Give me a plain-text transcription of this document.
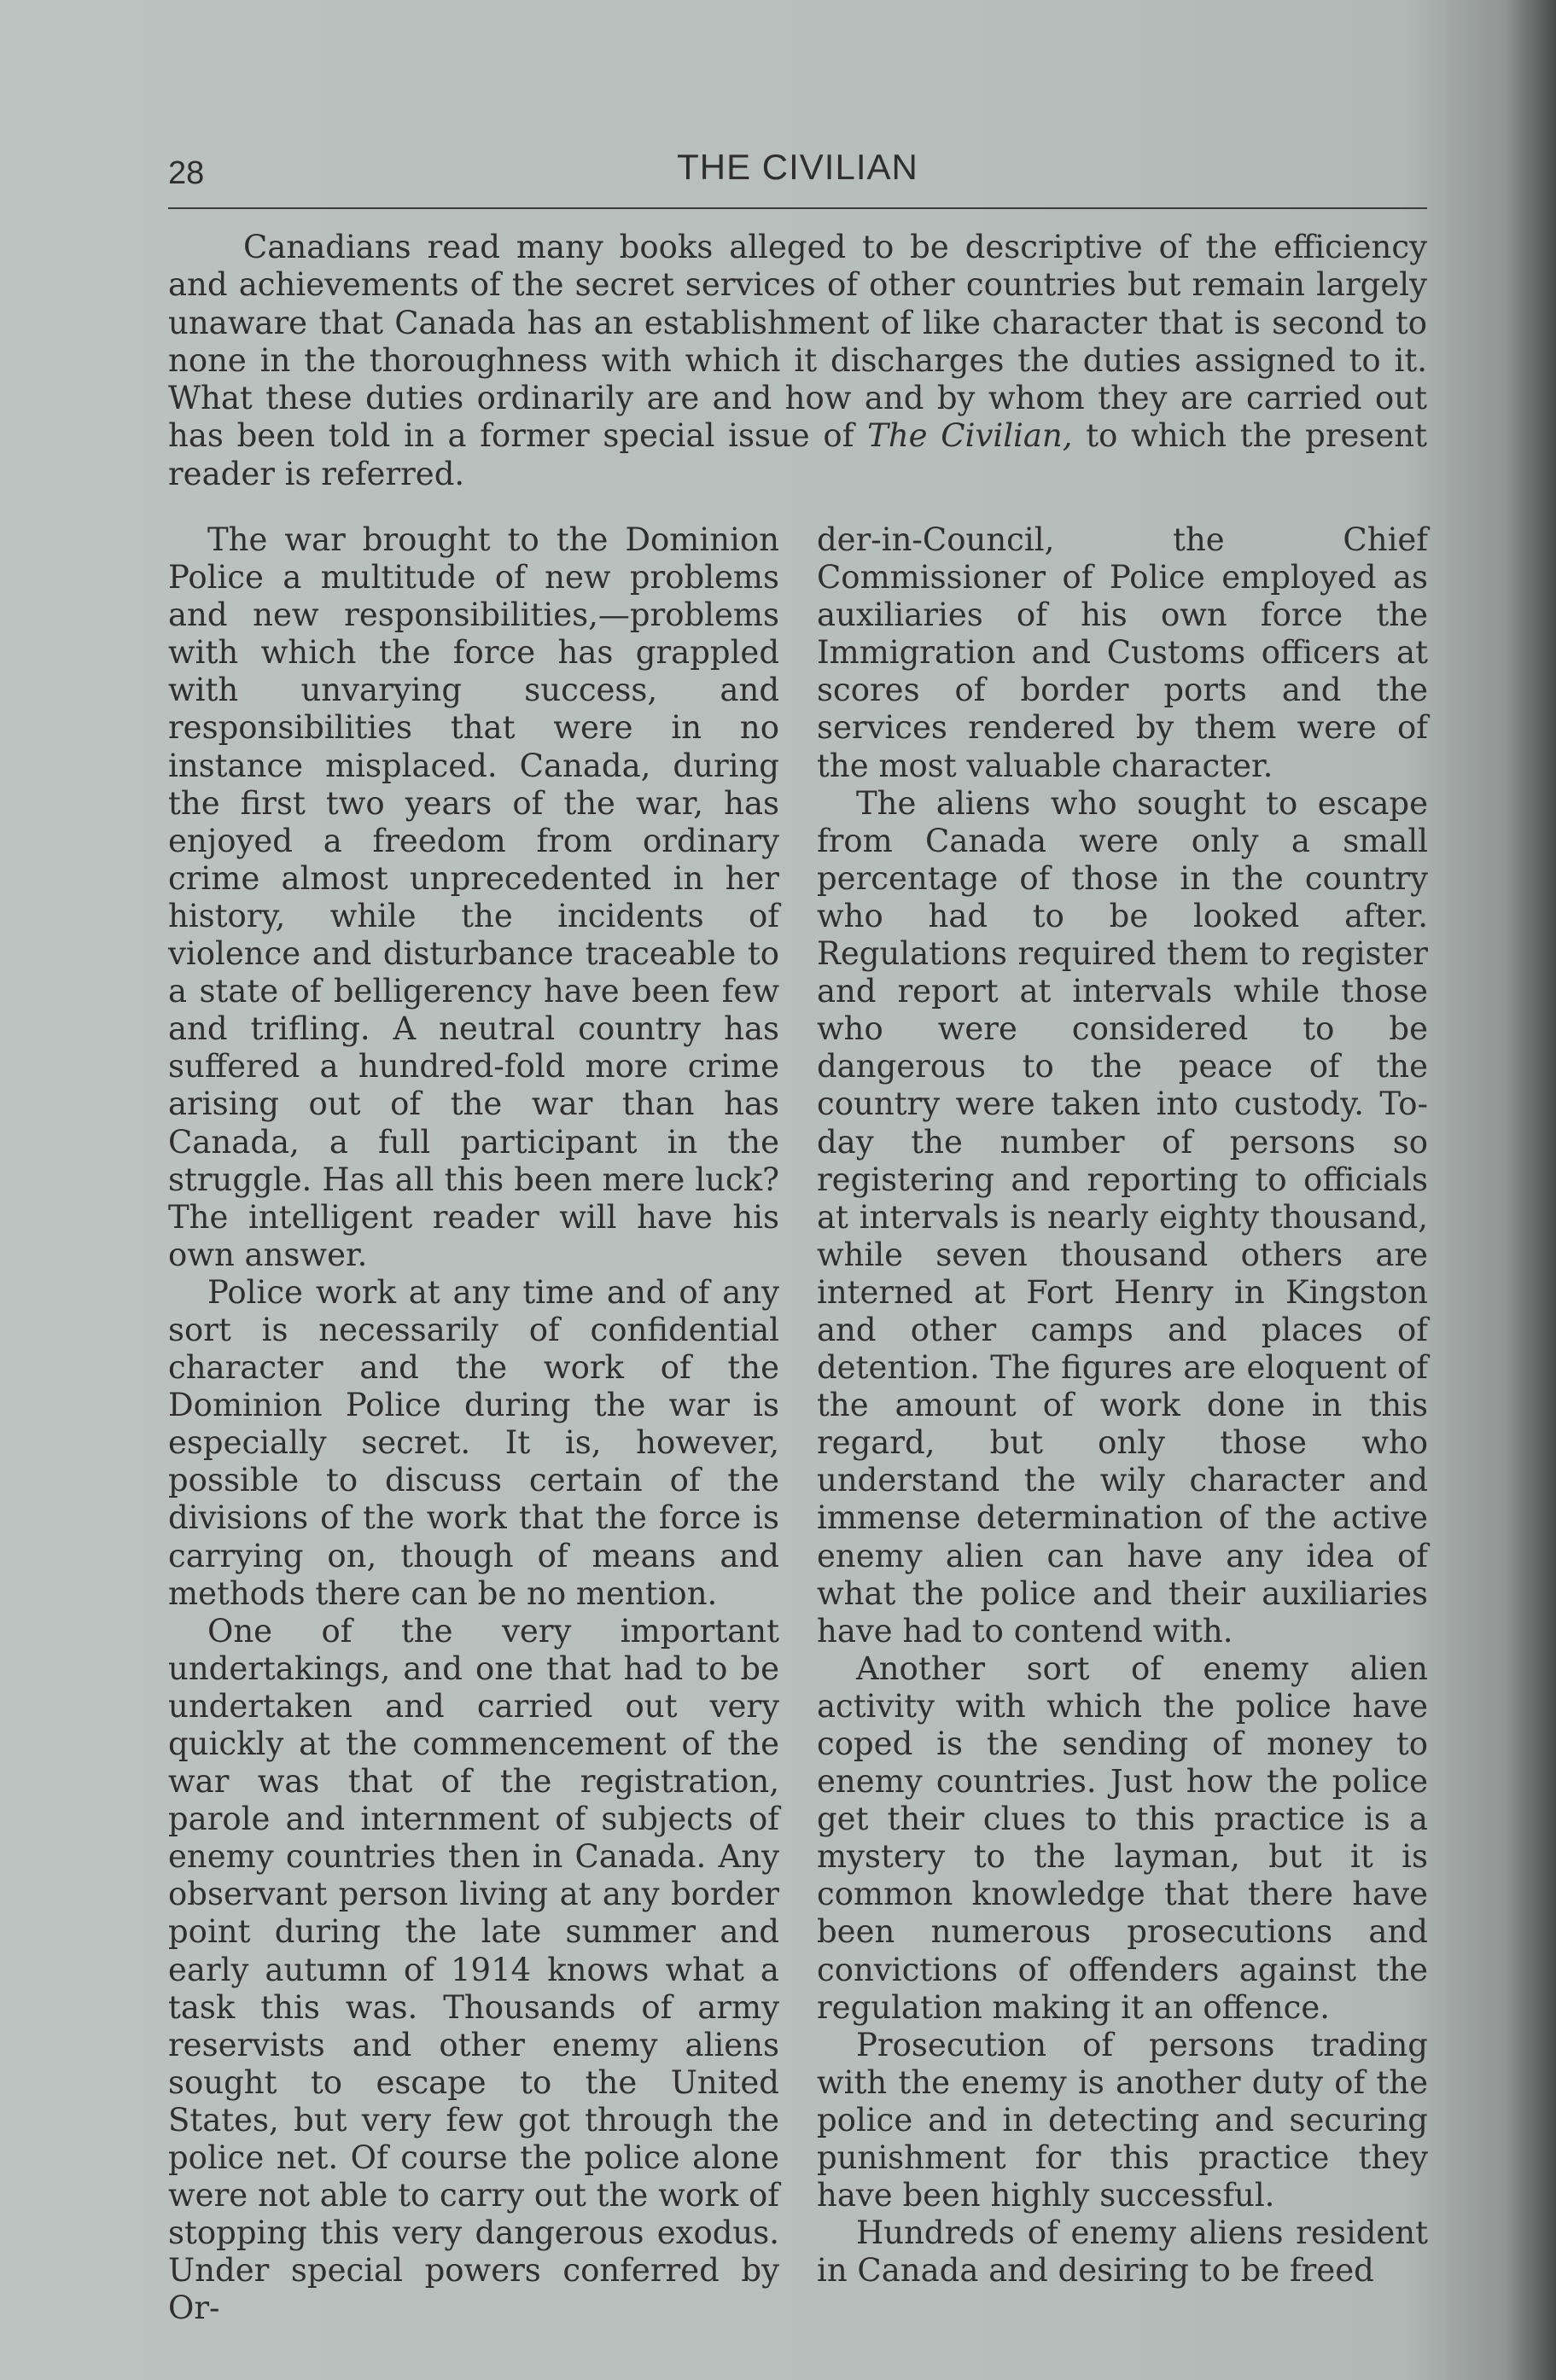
28	THE CIVILIAN

Canadians read many books alleged to be descriptive of the efficiency and achievements of the secret services of other countries but remain largely unaware that Canada has an establishment of like character that is second to none in the thoroughness with which it discharges the duties assigned to it. What these duties ordinarily are and how and by whom they are carried out has been told in a former special issue of The Civilian, to which the present reader is referred.

The war brought to the Dominion Police a multitude of new problems and new responsibilities,—problems with which the force has grappled with unvarying success, and responsibilities that were in no instance misplaced. Canada, during the first two years of the war, has enjoyed a freedom from ordinary crime almost unprecedented in her history, while the incidents of violence and disturbance traceable to a state of belligerency have been few and trifling. A neutral country has suffered a hundred-fold more crime arising out of the war than has Canada, a full participant in the struggle. Has all this been mere luck? The intelligent reader will have his own answer.

Police work at any time and of any sort is necessarily of confidential character and the work of the Dominion Police during the war is especially secret. It is, however, possible to discuss certain of the divisions of the work that the force is carrying on, though of means and methods there can be no mention.

One of the very important undertakings, and one that had to be undertaken and carried out very quickly at the commencement of the war was that of the registration, parole and internment of subjects of enemy countries then in Canada. Any observant person living at any border point during the late summer and early autumn of 1914 knows what a task this was. Thousands of army reservists and other enemy aliens sought to escape to the United States, but very few got through the police net. Of course the police alone were not able to carry out the work of stopping this very dangerous exodus. Under special powers conferred by Or-

der-in-Council, the Chief Commissioner of Police employed as auxiliaries of his own force the Immigration and Customs officers at scores of border ports and the services rendered by them were of the most valuable character.

The aliens who sought to escape from Canada were only a small percentage of those in the country who had to be looked after. Regulations required them to register and report at intervals while those who were considered to be dangerous to the peace of the country were taken into custody. To-day the number of persons so registering and reporting to officials at intervals is nearly eighty thousand, while seven thousand others are interned at Fort Henry in Kingston and other camps and places of detention. The figures are eloquent of the amount of work done in this regard, but only those who understand the wily character and immense determination of the active enemy alien can have any idea of what the police and their auxiliaries have had to contend with.

Another sort of enemy alien activity with which the police have coped is the sending of money to enemy countries. Just how the police get their clues to this practice is a mystery to the layman, but it is common knowledge that there have been numerous prosecutions and convictions of offenders against the regulation making it an offence.

Prosecution of persons trading with the enemy is another duty of the police and in detecting and securing punishment for this practice they have been highly successful.

Hundreds of enemy aliens resident in Canada and desiring to be freed
